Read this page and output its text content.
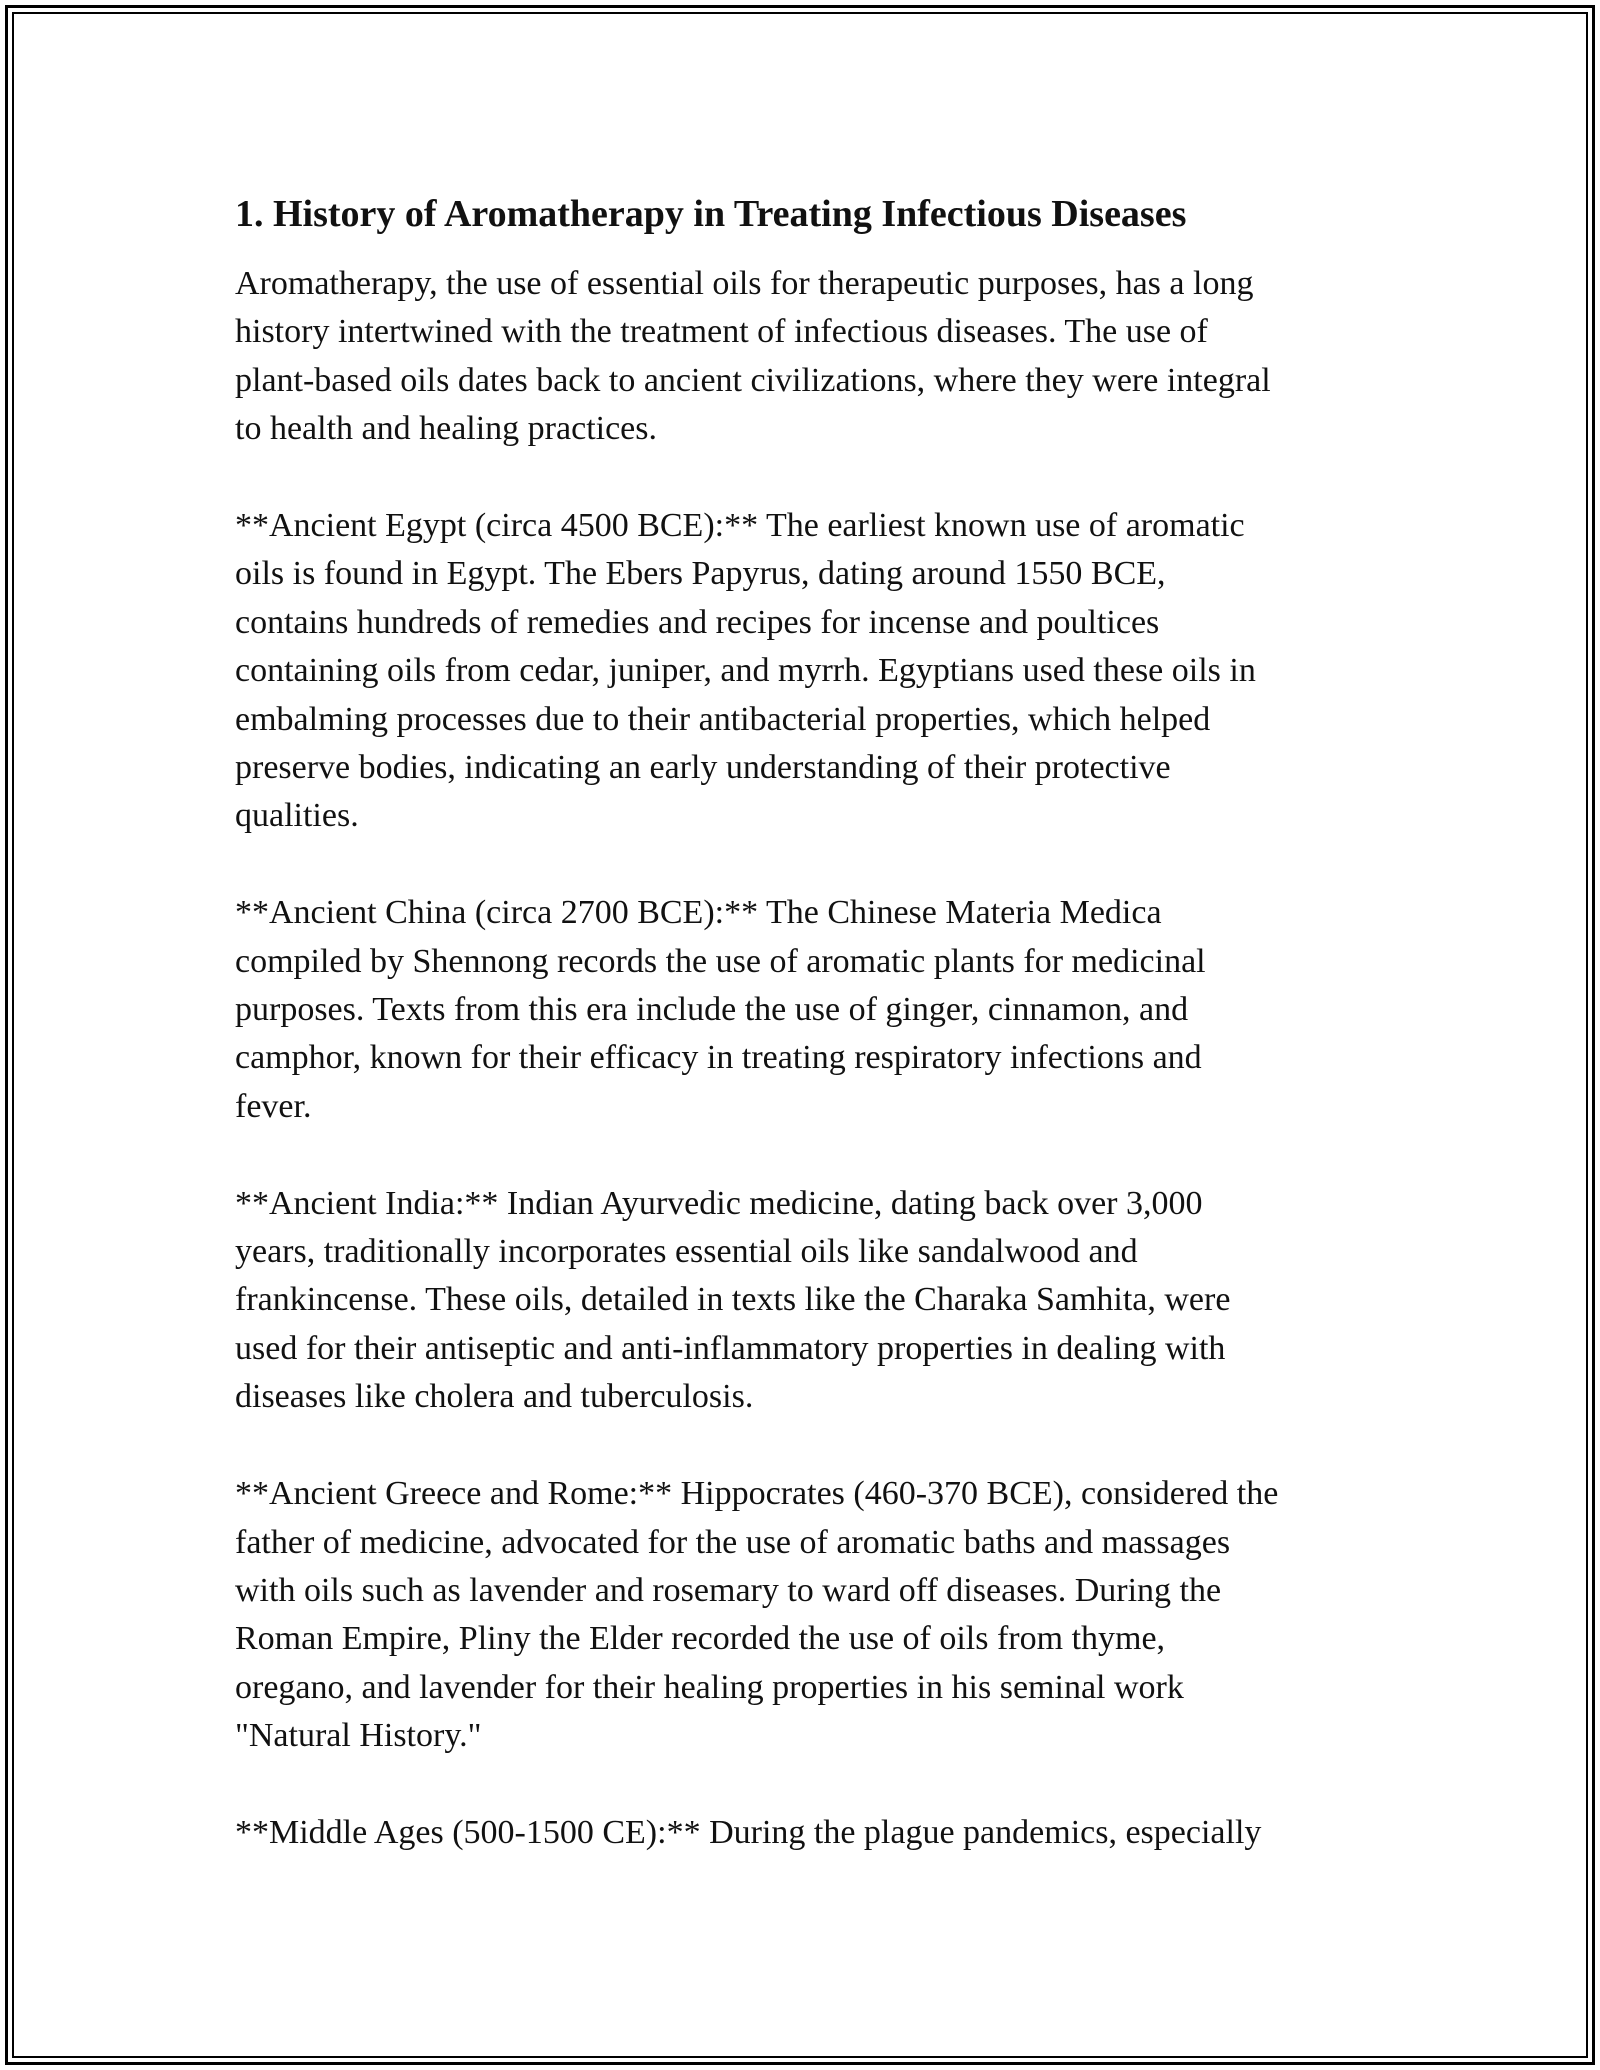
1. History of Aromatherapy in Treating Infectious Diseases

Aromatherapy, the use of essential oils for therapeutic purposes, has a long
history intertwined with the treatment of infectious diseases. The use of
plant-based oils dates back to ancient civilizations, where they were integral
to health and healing practices.

**Ancient Egypt (circa 4500 BCE):** The earliest known use of aromatic
oils is found in Egypt. The Ebers Papyrus, dating around 1550 BCE,
contains hundreds of remedies and recipes for incense and poultices
containing oils from cedar, juniper, and myrrh. Egyptians used these oils in
embalming processes due to their antibacterial properties, which helped
preserve bodies, indicating an early understanding of their protective
qualities.

**Ancient China (circa 2700 BCE):** The Chinese Materia Medica
compiled by Shennong records the use of aromatic plants for medicinal
purposes. Texts from this era include the use of ginger, cinnamon, and
camphor, known for their efficacy in treating respiratory infections and
fever.

**Ancient India:** Indian Ayurvedic medicine, dating back over 3,000
years, traditionally incorporates essential oils like sandalwood and
frankincense. These oils, detailed in texts like the Charaka Samhita, were
used for their antiseptic and anti-inflammatory properties in dealing with
diseases like cholera and tuberculosis.

**Ancient Greece and Rome:** Hippocrates (460-370 BCE), considered the
father of medicine, advocated for the use of aromatic baths and massages
with oils such as lavender and rosemary to ward off diseases. During the
Roman Empire, Pliny the Elder recorded the use of oils from thyme,
oregano, and lavender for their healing properties in his seminal work
"Natural History."

**Middle Ages (500-1500 CE):** During the plague pandemics, especially
